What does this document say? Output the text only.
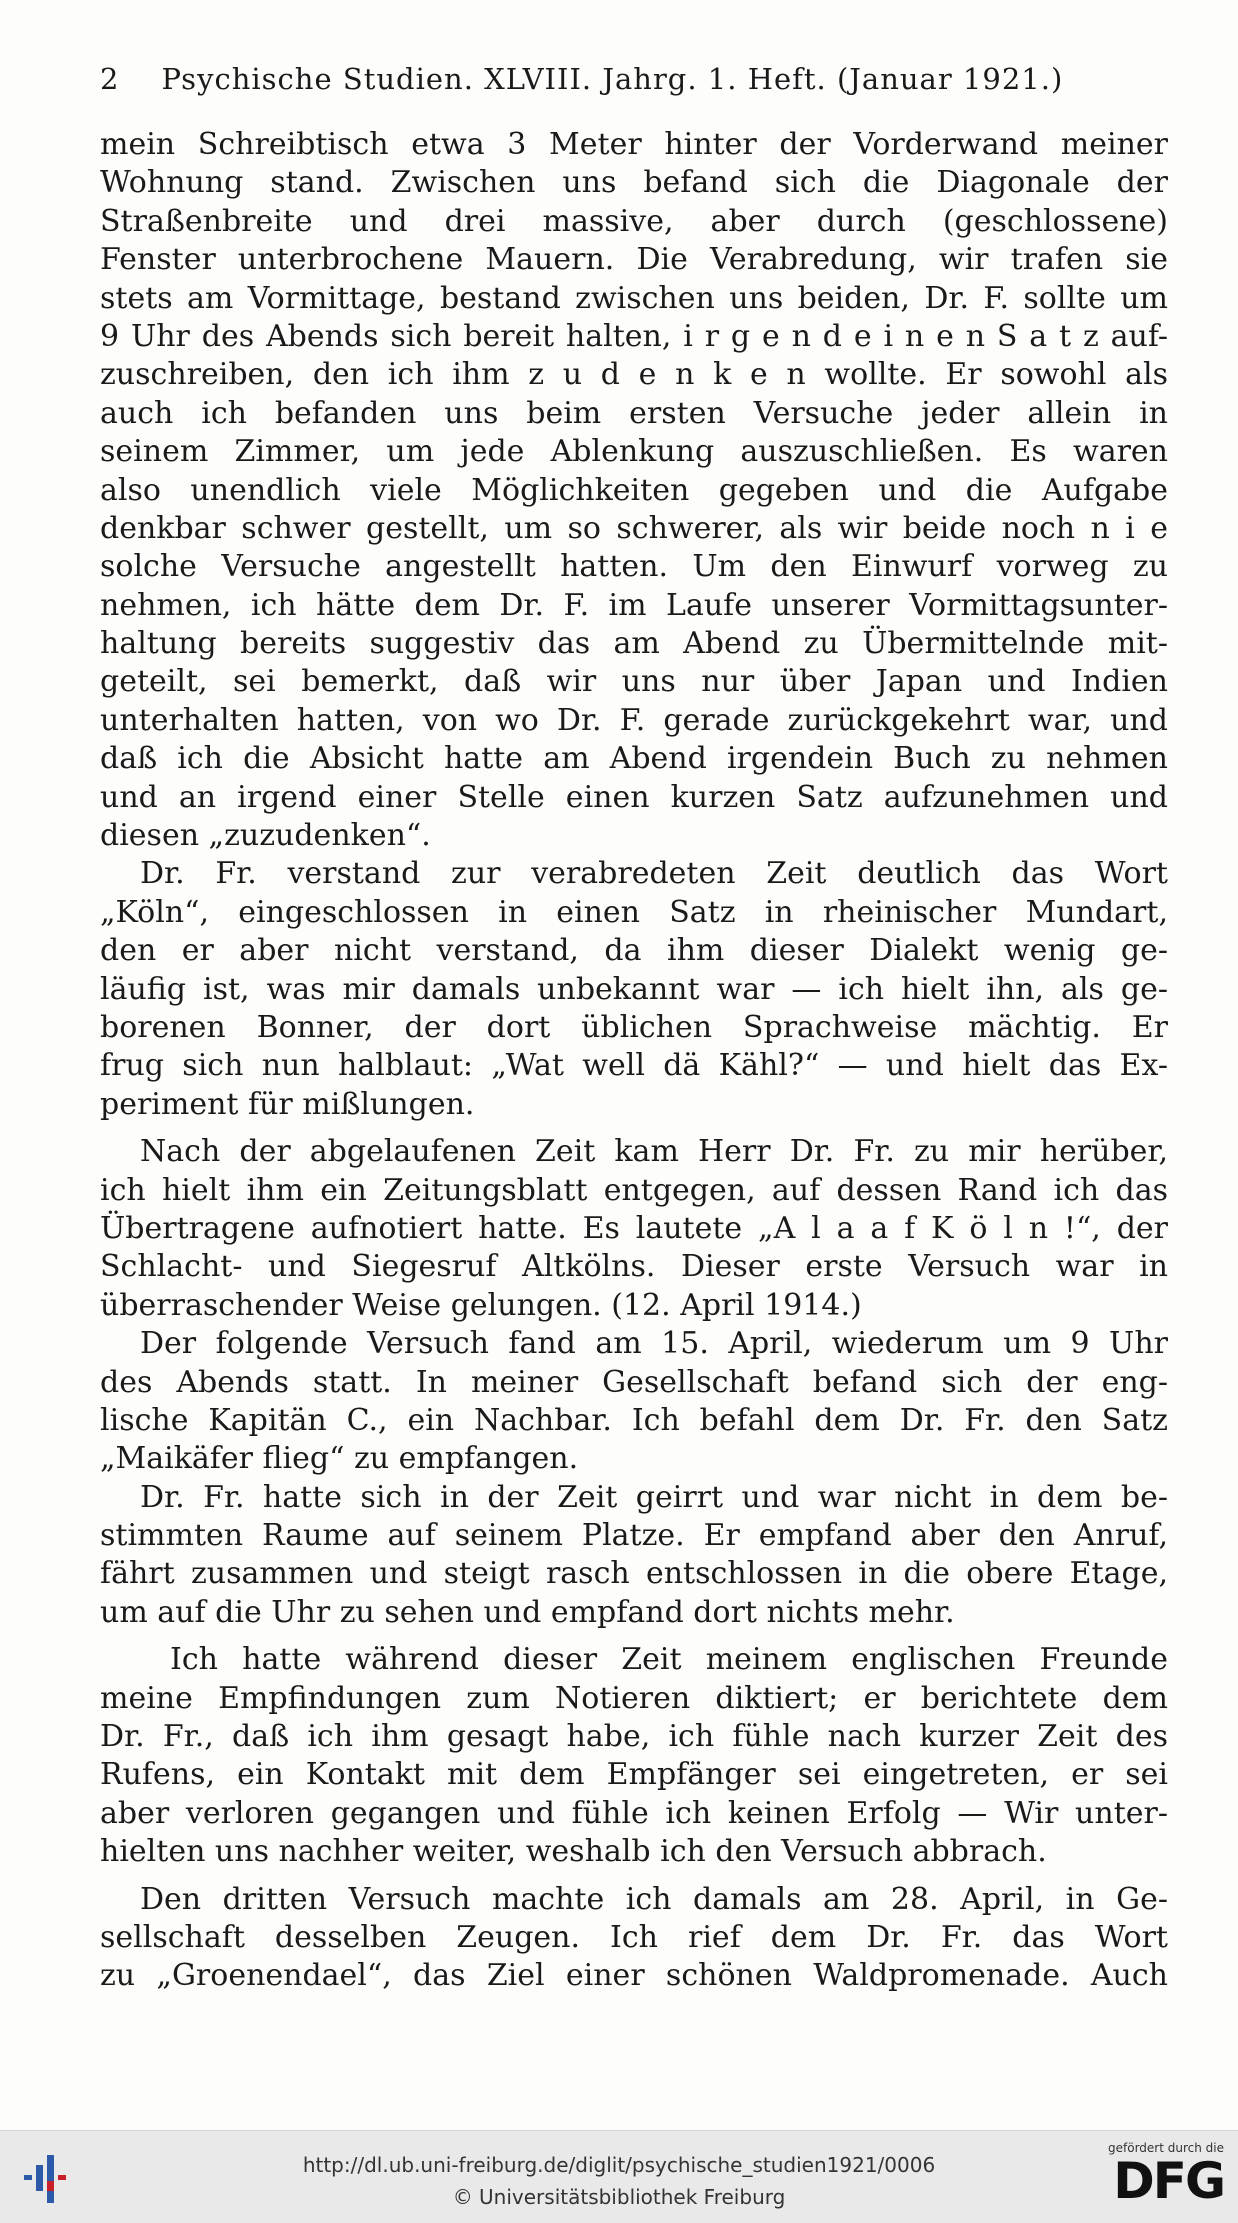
2 Psychische Studien. XLVIII. Jahrg. 1. Heft. (Januar 1921.)
mein Schreibtisch etwa 3 Meter hinter der Vorderwand meiner
Wohnung stand. Zwischen uns befand sich die Diagonale der
Straßenbreite und drei massive, aber durch (geschlossene)
Fenster unterbrochene Mauern. Die Verabredung, wir trafen sie
stets am Vormittage, bestand zwischen uns beiden, Dr. F. sollte um
9 Uhr des Abends sich bereit halten, i r g e n d e i n e n S a t z auf-
zuschreiben, den ich ihm z u d e n k e n wollte. Er sowohl als
auch ich befanden uns beim ersten Versuche jeder allein in
seinem Zimmer, um jede Ablenkung auszuschließen. Es waren
also unendlich viele Möglichkeiten gegeben und die Aufgabe
denkbar schwer gestellt, um so schwerer, als wir beide noch n i e
solche Versuche angestellt hatten. Um den Einwurf vorweg zu
nehmen, ich hätte dem Dr. F. im Laufe unserer Vormittagsunter-
haltung bereits suggestiv das am Abend zu Übermittelnde mit-
geteilt, sei bemerkt, daß wir uns nur über Japan und Indien
unterhalten hatten, von wo Dr. F. gerade zurückgekehrt war, und
daß ich die Absicht hatte am Abend irgendein Buch zu nehmen
und an irgend einer Stelle einen kurzen Satz aufzunehmen und
diesen „zuzudenken“.
Dr. Fr. verstand zur verabredeten Zeit deutlich das Wort
„Köln“, eingeschlossen in einen Satz in rheinischer Mundart,
den er aber nicht verstand, da ihm dieser Dialekt wenig ge-
läufig ist, was mir damals unbekannt war — ich hielt ihn, als ge-
borenen Bonner, der dort üblichen Sprachweise mächtig. Er
frug sich nun halblaut: „Wat well dä Kähl?“ — und hielt das Ex-
periment für mißlungen.
Nach der abgelaufenen Zeit kam Herr Dr. Fr. zu mir herüber,
ich hielt ihm ein Zeitungsblatt entgegen, auf dessen Rand ich das
Übertragene aufnotiert hatte. Es lautete „A l a a f K ö l n !“, der
Schlacht- und Siegesruf Altkölns. Dieser erste Versuch war in
überraschender Weise gelungen. (12. April 1914.)
Der folgende Versuch fand am 15. April, wiederum um 9 Uhr
des Abends statt. In meiner Gesellschaft befand sich der eng-
lische Kapitän C., ein Nachbar. Ich befahl dem Dr. Fr. den Satz
„Maikäfer flieg“ zu empfangen.
Dr. Fr. hatte sich in der Zeit geirrt und war nicht in dem be-
stimmten Raume auf seinem Platze. Er empfand aber den Anruf,
fährt zusammen und steigt rasch entschlossen in die obere Etage,
um auf die Uhr zu sehen und empfand dort nichts mehr.
Ich hatte während dieser Zeit meinem englischen Freunde
meine Empfindungen zum Notieren diktiert; er berichtete dem
Dr. Fr., daß ich ihm gesagt habe, ich fühle nach kurzer Zeit des
Rufens, ein Kontakt mit dem Empfänger sei eingetreten, er sei
aber verloren gegangen und fühle ich keinen Erfolg — Wir unter-
hielten uns nachher weiter, weshalb ich den Versuch abbrach.
Den dritten Versuch machte ich damals am 28. April, in Ge-
sellschaft desselben Zeugen. Ich rief dem Dr. Fr. das Wort
zu „Groenendael“, das Ziel einer schönen Waldpromenade. Auch
http://dl.ub.uni-freiburg.de/diglit/psychische_studien1921/0006
© Universitätsbibliothek Freiburg
gefördert durch die
DFG
